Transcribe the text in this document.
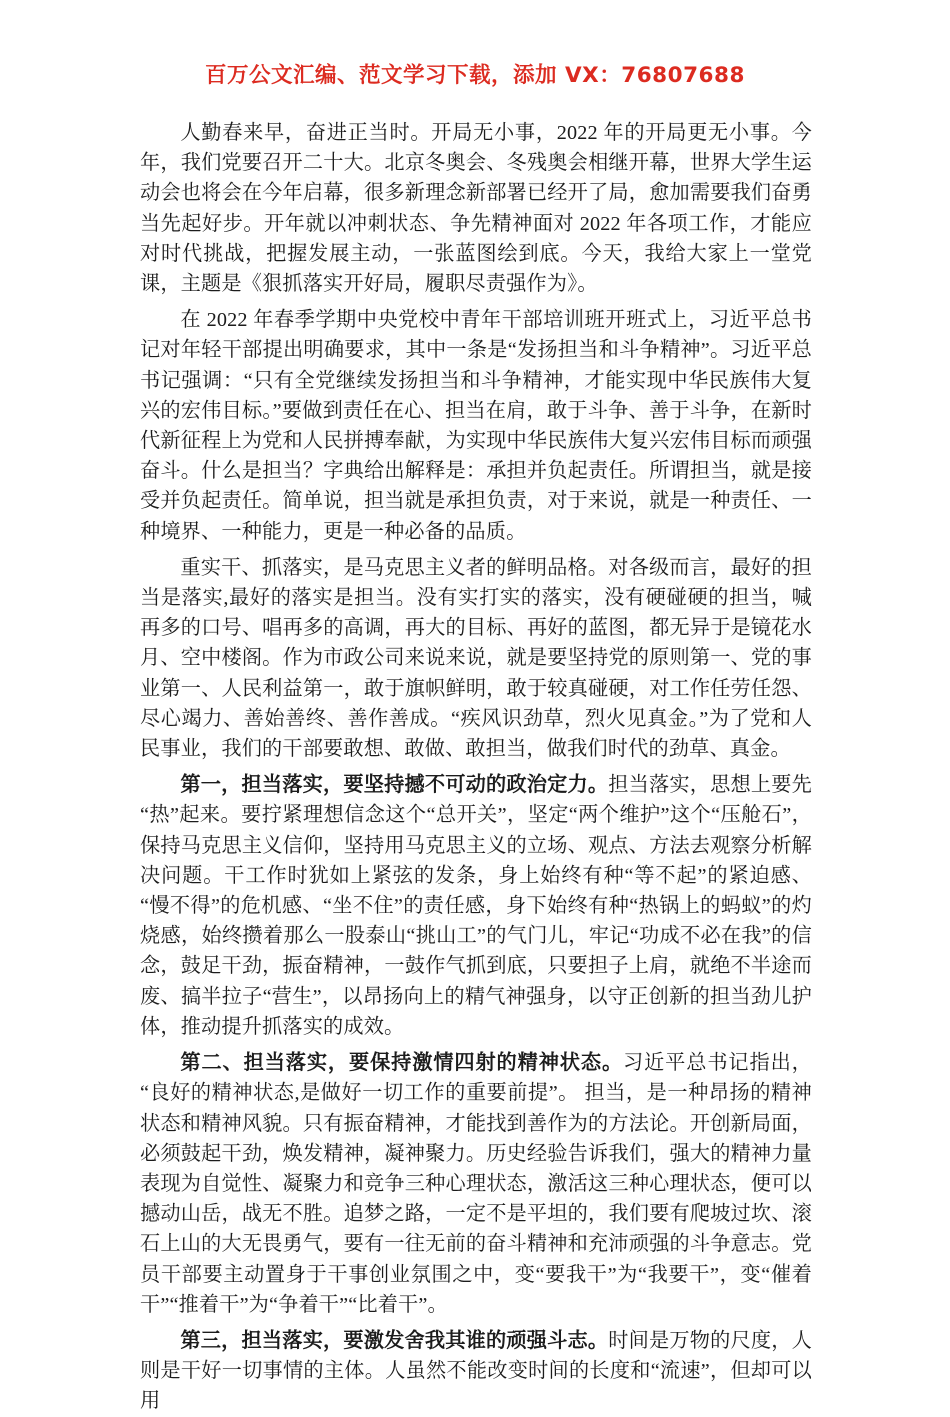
百万公文汇编、范文学习下载，添加 VX：76807688

人勤春来早，奋进正当时。开局无小事，2022 年的开局更无小事。今年，我们党要召开二十大。北京冬奥会、冬残奥会相继开幕，世界大学生运动会也将会在今年启幕，很多新理念新部署已经开了局，愈加需要我们奋勇当先起好步。开年就以冲刺状态、争先精神面对 2022 年各项工作，才能应对时代挑战，把握发展主动，一张蓝图绘到底。今天，我给大家上一堂党课，主题是《狠抓落实开好局，履职尽责强作为》。

在 2022 年春季学期中央党校中青年干部培训班开班式上，习近平总书记对年轻干部提出明确要求，其中一条是“发扬担当和斗争精神”。习近平总书记强调：“只有全党继续发扬担当和斗争精神，才能实现中华民族伟大复兴的宏伟目标。”要做到责任在心、担当在肩，敢于斗争、善于斗争，在新时代新征程上为党和人民拼搏奉献，为实现中华民族伟大复兴宏伟目标而顽强奋斗。什么是担当？字典给出解释是：承担并负起责任。所谓担当，就是接受并负起责任。简单说，担当就是承担负责，对于来说，就是一种责任、一种境界、一种能力，更是一种必备的品质。

重实干、抓落实，是马克思主义者的鲜明品格。对各级而言，最好的担当是落实,最好的落实是担当。没有实打实的落实，没有硬碰硬的担当，喊再多的口号、唱再多的高调，再大的目标、再好的蓝图，都无异于是镜花水月、空中楼阁。作为市政公司来说来说，就是要坚持党的原则第一、党的事业第一、人民利益第一，敢于旗帜鲜明，敢于较真碰硬，对工作任劳任怨、尽心竭力、善始善终、善作善成。“疾风识劲草，烈火见真金。”为了党和人民事业，我们的干部要敢想、敢做、敢担当，做我们时代的劲草、真金。

第一，担当落实，要坚持撼不可动的政治定力。担当落实，思想上要先“热”起来。要拧紧理想信念这个“总开关”，坚定“两个维护”这个“压舱石”，保持马克思主义信仰，坚持用马克思主义的立场、观点、方法去观察分析解决问题。干工作时犹如上紧弦的发条，身上始终有种“等不起”的紧迫感、“慢不得”的危机感、“坐不住”的责任感，身下始终有种“热锅上的蚂蚁”的灼烧感，始终攒着那么一股泰山“挑山工”的气门儿，牢记“功成不必在我”的信念，鼓足干劲，振奋精神，一鼓作气抓到底，只要担子上肩，就绝不半途而废、搞半拉子“营生”，以昂扬向上的精气神强身，以守正创新的担当劲儿护体，推动提升抓落实的成效。

第二、担当落实，要保持激情四射的精神状态。习近平总书记指出，“良好的精神状态,是做好一切工作的重要前提”。 担当，是一种昂扬的精神状态和精神风貌。只有振奋精神，才能找到善作为的方法论。开创新局面，必须鼓起干劲，焕发精神，凝神聚力。历史经验告诉我们，强大的精神力量表现为自觉性、凝聚力和竞争三种心理状态，激活这三种心理状态，便可以撼动山岳，战无不胜。追梦之路，一定不是平坦的，我们要有爬坡过坎、滚石上山的大无畏勇气，要有一往无前的奋斗精神和充沛顽强的斗争意志。党员干部要主动置身于干事创业氛围之中，变“要我干”为“我要干”，变“催着干”“推着干”为“争着干”“比着干”。

第三，担当落实，要激发舍我其谁的顽强斗志。时间是万物的尺度，人则是干好一切事情的主体。人虽然不能改变时间的长度和“流速”，但却可以用
